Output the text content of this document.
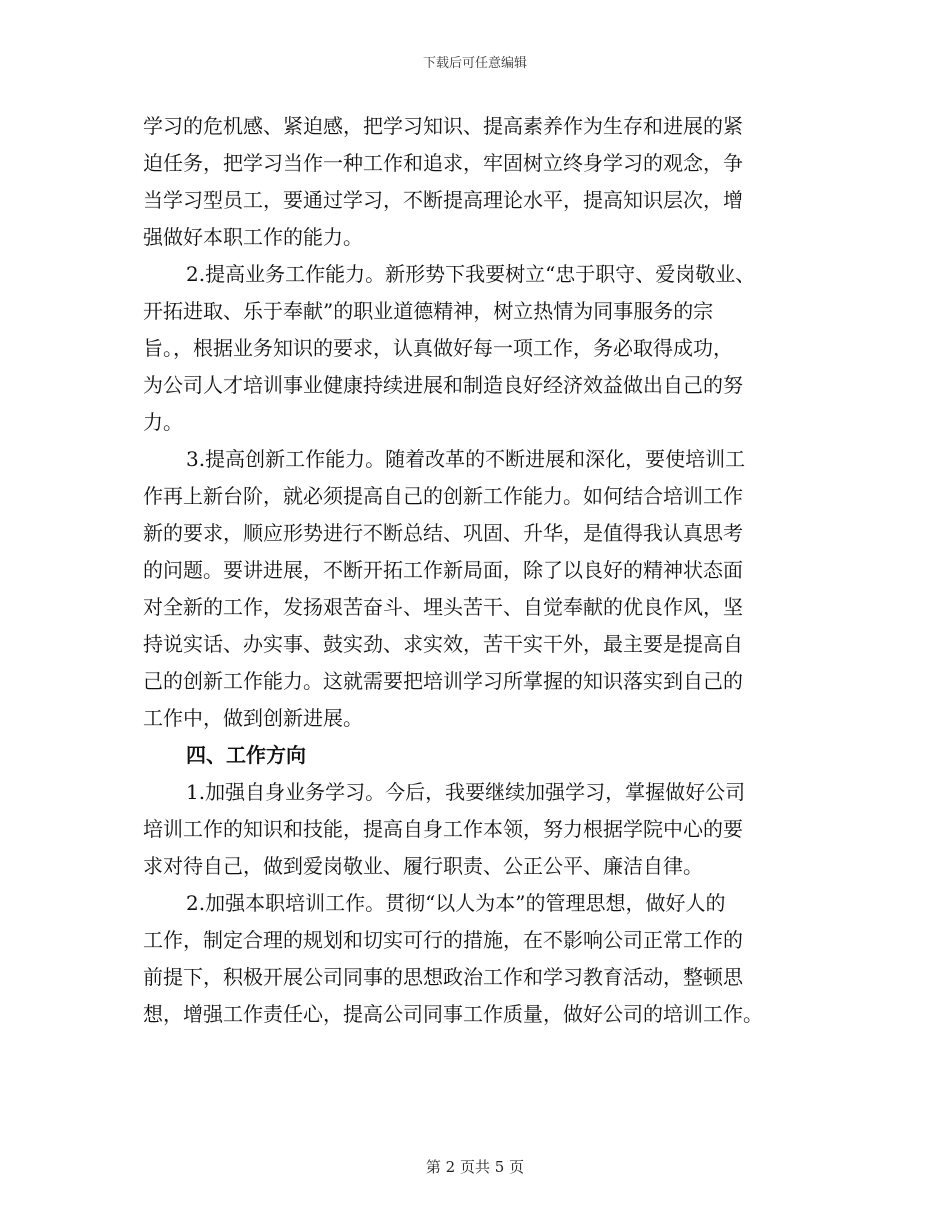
下载后可任意编辑
学习的危机感、紧迫感，把学习知识、提高素养作为生存和进展的紧
迫任务，把学习当作一种工作和追求，牢固树立终身学习的观念，争
当学习型员工，要通过学习，不断提高理论水平，提高知识层次，增
强做好本职工作的能力。
2.提高业务工作能力。新形势下我要树立“忠于职守、爱岗敬业、
开拓进取、乐于奉献”的职业道德精神，树立热情为同事服务的宗
旨。，根据业务知识的要求，认真做好每一项工作，务必取得成功，
为公司人才培训事业健康持续进展和制造良好经济效益做出自己的努
力。
3.提高创新工作能力。随着改革的不断进展和深化，要使培训工
作再上新台阶，就必须提高自己的创新工作能力。如何结合培训工作
新的要求，顺应形势进行不断总结、巩固、升华，是值得我认真思考
的问题。要讲进展，不断开拓工作新局面，除了以良好的精神状态面
对全新的工作，发扬艰苦奋斗、埋头苦干、自觉奉献的优良作风，坚
持说实话、办实事、鼓实劲、求实效，苦干实干外，最主要是提高自
己的创新工作能力。这就需要把培训学习所掌握的知识落实到自己的
工作中，做到创新进展。
四、工作方向
1.加强自身业务学习。今后，我要继续加强学习，掌握做好公司
培训工作的知识和技能，提高自身工作本领，努力根据学院中心的要
求对待自己，做到爱岗敬业、履行职责、公正公平、廉洁自律。
2.加强本职培训工作。贯彻“以人为本”的管理思想，做好人的
工作，制定合理的规划和切实可行的措施，在不影响公司正常工作的
前提下，积极开展公司同事的思想政治工作和学习教育活动，整顿思
想，增强工作责任心，提高公司同事工作质量，做好公司的培训工作。
第 2 页共 5 页
